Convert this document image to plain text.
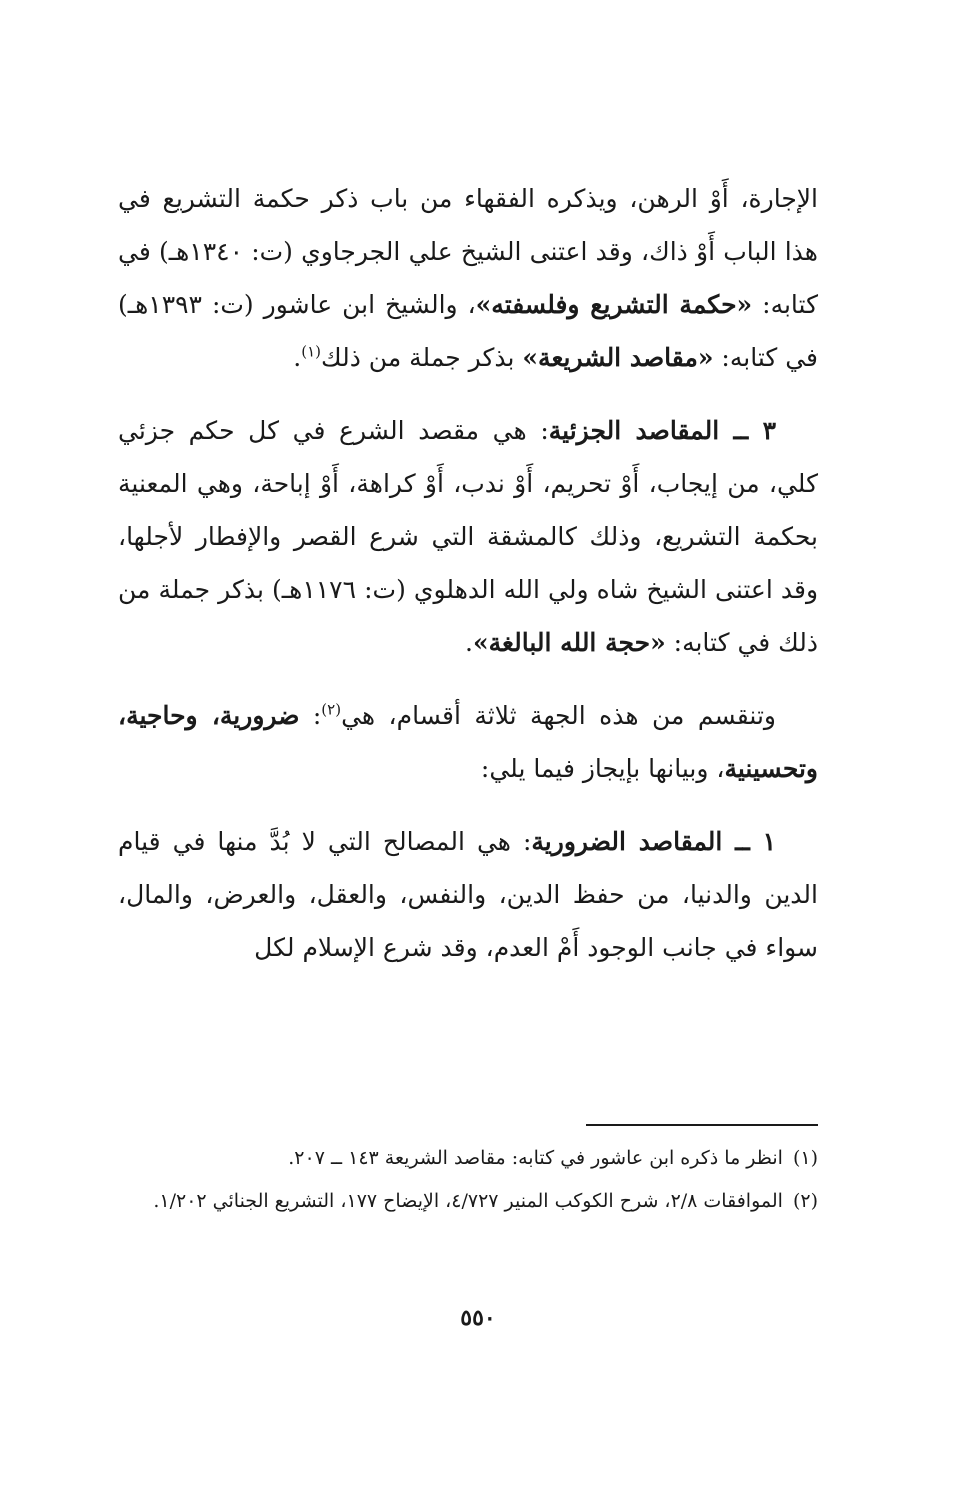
الإجارة، أَوْ الرهن، ويذكره الفقهاء من باب ذكر حكمة التشريع في هذا الباب أَوْ ذاك، وقد اعتنى الشيخ علي الجرجاوي (ت: ١٣٤٠هـ) في كتابه: «حكمة التشريع وفلسفته»، والشيخ ابن عاشور (ت: ١٣٩٣هـ) في كتابه: «مقاصد الشريعة» بذكر جملة من ذلك$^{(١)}$.

٣ ــ المقاصد الجزئية: هي مقصد الشرع في كل حكم جزئي كلي، من إيجاب، أَوْ تحريم، أَوْ ندب، أَوْ كراهة، أَوْ إباحة، وهي المعنية بحكمة التشريع، وذلك كالمشقة التي شرع القصر والإفطار لأجلها، وقد اعتنى الشيخ شاه ولي الله الدهلوي (ت: ١١٧٦هـ) بذكر جملة من ذلك في كتابه: «حجة الله البالغة».

وتنقسم من هذه الجهة ثلاثة أقسام، هي$^{(٢)}$: ضرورية، وحاجية، وتحسينية، وبيانها بإيجاز فيما يلي:

١ ــ المقاصد الضرورية: هي المصالح التي لا بُدَّ منها في قيام الدين والدنيا، من حفظ الدين، والنفس، والعقل، والعرض، والمال، سواء في جانب الوجود أَمْ العدم، وقد شرع الإسلام لكل

(١)انظر ما ذكره ابن عاشور في كتابه: مقاصد الشريعة ١٤٣ ــ ٢٠٧.

(٢)الموافقات ٢/٨، شرح الكوكب المنير ٤/٧٢٧، الإيضاح ١٧٧، التشريع الجنائي ١/٢٠٢.

٥٥٠
